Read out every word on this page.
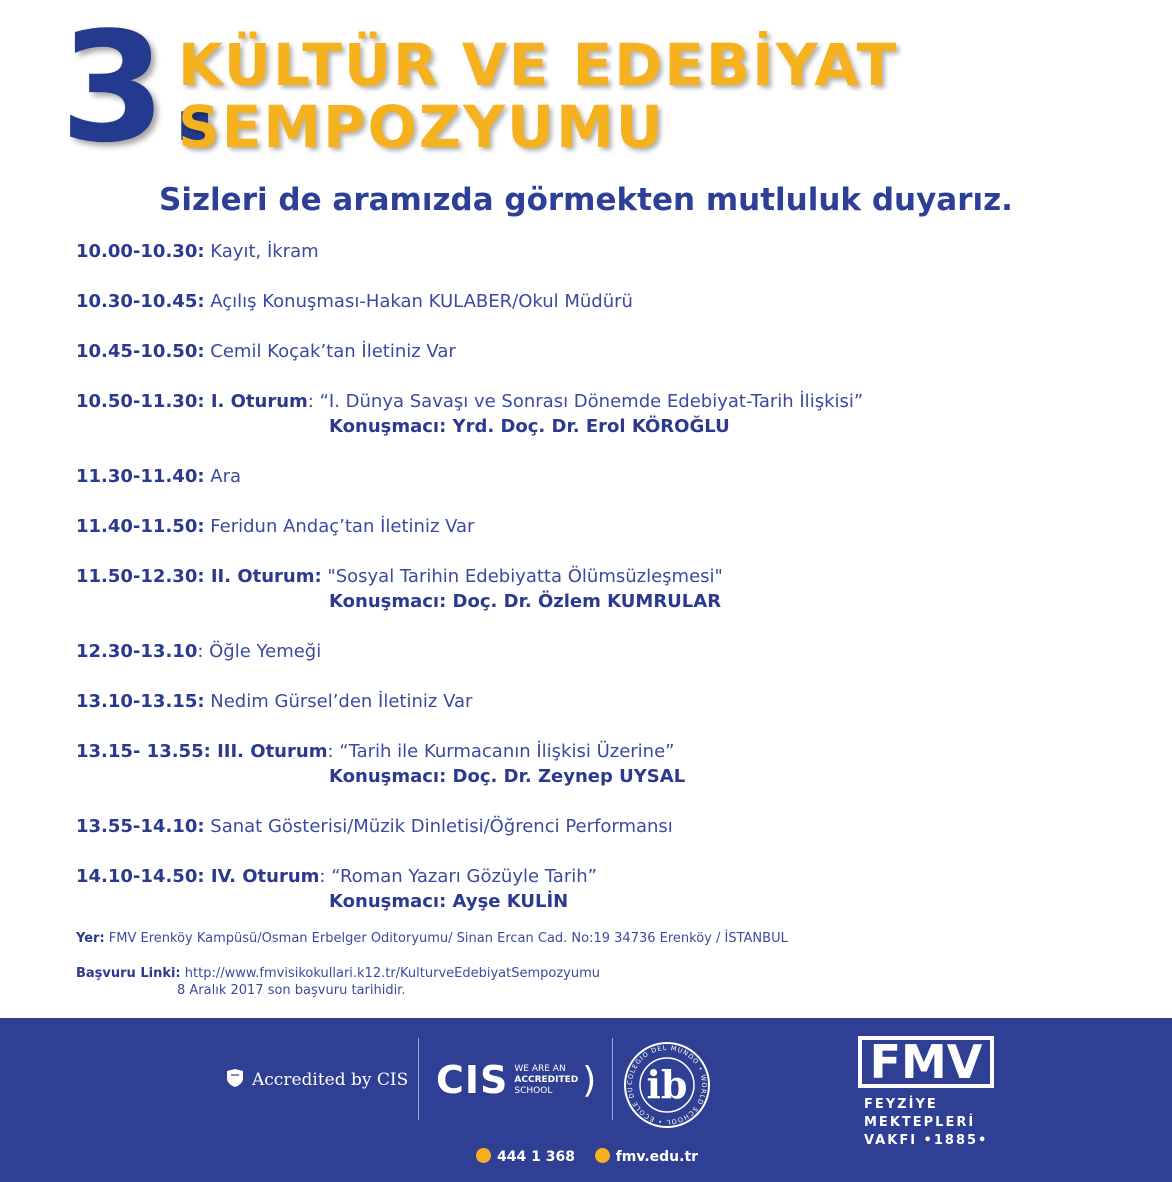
3.
KÜLTÜR VE EDEBİYAT
SEMPOZYUMU
Sizleri de aramızda görmekten mutluluk duyarız.
10.00-10.30: Kayıt, İkram
10.30-10.45: Açılış Konuşması-Hakan KULABER/Okul Müdürü
10.45-10.50: Cemil Koçak’tan İletiniz Var
10.50-11.30: I. Oturum: “I. Dünya Savaşı ve Sonrası Dönemde Edebiyat-Tarih İlişkisi”
Konuşmacı: Yrd. Doç. Dr. Erol KÖROĞLU
11.30-11.40: Ara
11.40-11.50: Feridun Andaç’tan İletiniz Var
11.50-12.30: II. Oturum: "Sosyal Tarihin Edebiyatta Ölümsüzleşmesi"
Konuşmacı: Doç. Dr. Özlem KUMRULAR
12.30-13.10: Öğle Yemeği
13.10-13.15: Nedim Gürsel’den İletiniz Var
13.15- 13.55: III. Oturum: “Tarih ile Kurmacanın İlişkisi Üzerine”
Konuşmacı: Doç. Dr. Zeynep UYSAL
13.55-14.10: Sanat Gösterisi/Müzik Dinletisi/Öğrenci Performansı
14.10-14.50: IV. Oturum: “Roman Yazarı Gözüyle Tarih”
Konuşmacı: Ayşe KULİN
Yer: FMV Erenköy Kampüsü/Osman Erbelger Oditoryumu/ Sinan Ercan Cad. No:19 34736 Erenköy / İSTANBUL
Başvuru Linki: http://www.fmvisikokullari.k12.tr/KulturveEdebiyatSempozyumu
8 Aralık 2017 son başvuru tarihidir.
Accredited by CIS CIS WE ARE AN
ACCREDITED
SCHOOL )	COLEGIO DEL MUNDO • WORLD SCHOOL • ÉCOLE DU ib	FMV
FEYZİYE
MEKTEPLERİ
VAKFI •1885•
444 1 368	fmv.edu.tr
